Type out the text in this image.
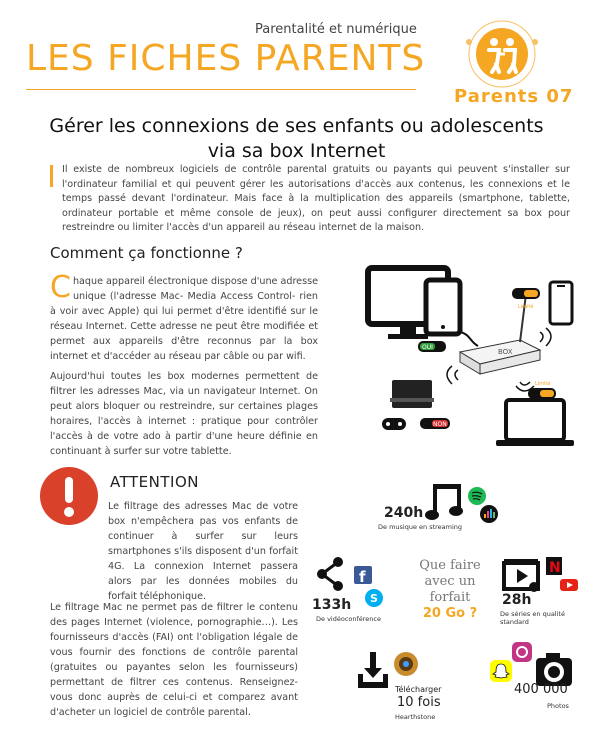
Parentalité et numérique
LES FICHES PARENTS
Parents 07
Gérer les connexions de ses enfants ou adolescents
via sa box Internet

Il existe de nombreux logiciels de contrôle parental gratuits ou payants qui peuvent s'installer sur l'ordinateur familial et qui peuvent gérer les autorisations d'accès aux contenus, les connexions et le temps passé devant l'ordinateur. Mais face à la multiplication des appareils (smartphone, tablette, ordinateur portable et même console de jeux), on peut aussi configurer directement sa box pour restreindre ou limiter l'accès d'un appareil au réseau internet de la maison.

Comment ça fonctionne ?
Chaque appareil électronique dispose d'une adresse unique (l'adresse Mac- Media Access Control- rien à voir avec Apple) qui lui permet d'être identifié sur le réseau Internet. Cette adresse ne peut être modifiée et permet aux appareils d'être reconnus par la box internet et d'accéder au réseau par câble ou par wifi.
Aujourd'hui toutes les box modernes permettent de filtrer les adresses Mac, via un navigateur Internet. On peut alors bloquer ou restreindre, sur certaines plages horaires, l'accès à internet : pratique pour contrôler l'accès à de votre ado à partir d'une heure définie en continuant à surfer sur votre tablette.
OUI
BOX
Limité
NON
Limité
ATTENTION
Le filtrage des adresses Mac de votre box n'empêchera pas vos enfants de continuer à surfer sur leurs smartphones s'ils disposent d'un forfait 4G. La connexion Internet passera alors par les données mobiles du forfait téléphonique.
Le filtrage Mac ne permet pas de filtrer le contenu des pages Internet (violence, pornographie…). Les fournisseurs d'accès (FAI) ont l'obligation légale de vous fournir des fonctions de contrôle parental (gratuites ou payantes selon les fournisseurs) permettant de filtrer ces contenus. Renseignez-vous donc auprès de celui-ci et comparez avant d'acheter un logiciel de contrôle parental.
240h
De musique en streaming
f
S
133h
De vidéoconférence
Que faire
avec un
forfait
20 Go ?
N
28h
De séries en qualité standard
Télécharger
10 fois
Hearthstone
400 000
Photos
